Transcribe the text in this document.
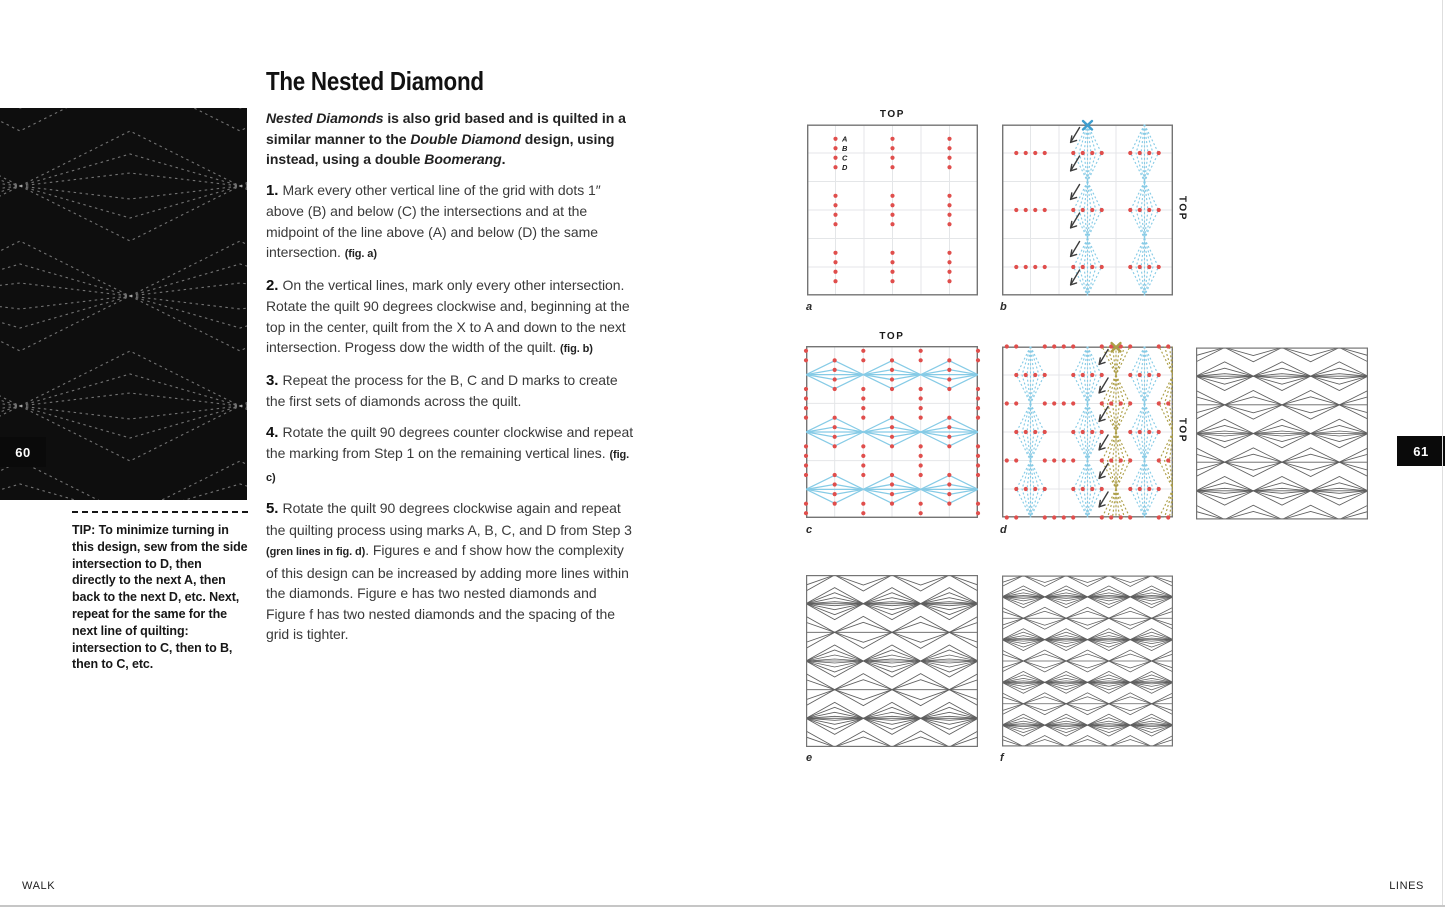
60	61
The Nested Diamond

Nested Diamonds is also grid based and is quilted in a similar manner to the Double Diamond design, using instead, using a double Boomerang.

1. Mark every other vertical line of the grid with dots 1″ above (B) and below (C) the intersections and at the midpoint of the line above (A) and below (D) the same intersection. (fig. a)

2. On the vertical lines, mark only every other intersection. Rotate the quilt 90 degrees clockwise and, beginning at the top in the center, quilt from the X to A and down to the next intersection. Progess dow the width of the quilt. (fig. b)

3. Repeat the process for the B, C and D marks to create the first sets of diamonds across the quilt.

4. Rotate the quilt 90 degrees counter clockwise and repeat the marking from Step 1 on the remaining vertical lines. (fig. c)

5. Rotate the quilt 90 degrees clockwise again and repeat the quilting process using marks A, B, C, and D from Step 3 (gren lines in fig. d). Figures e and f show how the complexity of this design can be increased by adding more lines within the diamonds. Figure e has two nested diamonds and Figure f has two nested diamonds and the spacing of the grid is tighter.

TIP: To minimize turning in this design, sew from the side intersection to D, then directly to the next A, then back to the next D, etc. Next, repeat for the same for the next line of quilting: intersection to C, then to B, then to C, etc.
TOP
A
B
C
D
a
TOP
b
TOP
c
TOP
d
e	f
WALK	LINES
